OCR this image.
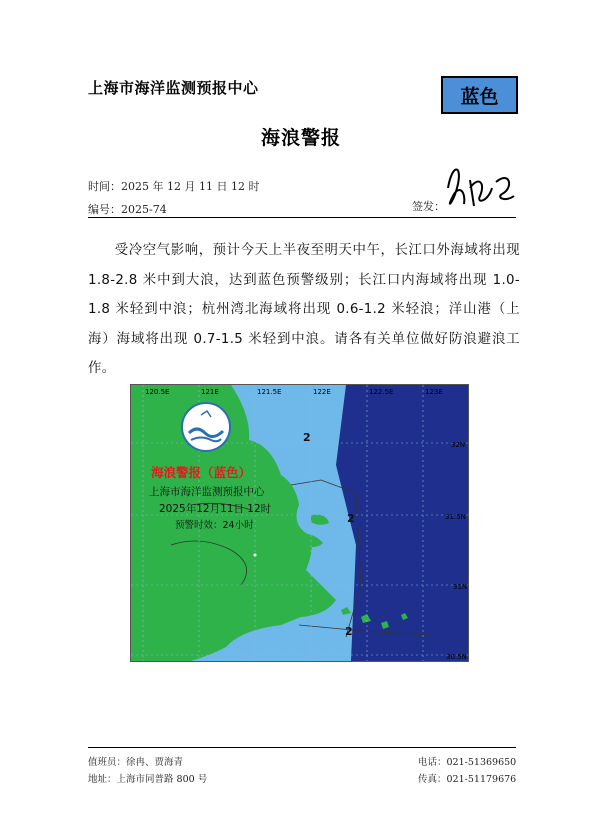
上海市海洋监测预报中心	蓝色
海浪警报
时间：2025 年 12 月 11 日 12 时
编号：2025-74	签发：
受冷空气影响，预计今天上半夜至明天中午，长江口外海域将出现 1.8-2.8 米中到大浪，达到蓝色预警级别；长江口内海域将出现 1.0-1.8 米轻到中浪；杭州湾北海域将出现 0.6-1.2 米轻浪；洋山港（上海）海域将出现 0.7-1.5 米轻到中浪。请各有关单位做好防浪避浪工作。
120.5E	121E	121.5E	122E	122.5E	123E
32N
31.5N
31N
30.5N
2
2
2
海浪警报（蓝色）
上海市海洋监测预报中心
2025年12月11日 12时
预警时效：24小时
值班员：徐冉、贾海青
地址：上海市同普路 800 号
电话：021-51369650
传真：021-51179676
